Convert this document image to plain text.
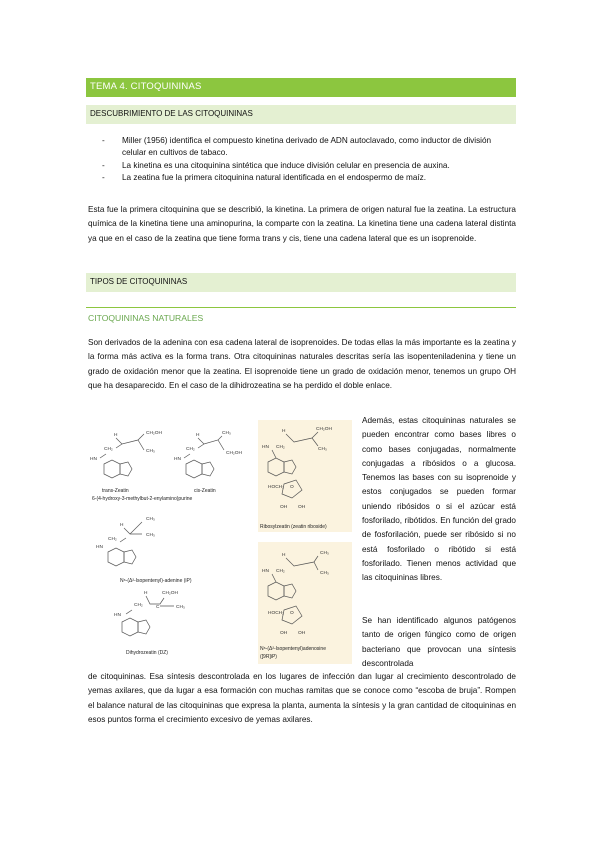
TEMA 4. CITOQUININAS
DESCUBRIMIENTO DE LAS CITOQUININAS
- Miller (1956) identifica el compuesto kinetina derivado de ADN autoclavado, como inductor de división celular en cultivos de tabaco.
- La kinetina es una citoquinina sintética que induce división celular en presencia de auxina.
- La zeatina fue la primera citoquinina natural identificada en el endospermo de maíz.

Esta fue la primera citoquinina que se describió, la kinetina. La primera de origen natural fue la zeatina. La estructura química de la kinetina tiene una aminopurina, la comparte con la zeatina. La kinetina tiene una cadena lateral distinta ya que en el caso de la zeatina que tiene forma trans y cis, tiene una cadena lateral que es un isoprenoide.

TIPOS DE CITOQUININAS
CITOQUININAS NATURALES

Son derivados de la adenina con esa cadena lateral de isoprenoides. De todas ellas la más importante es la zeatina y la forma más activa es la forma trans. Otra citoquininas naturales descritas sería las isopenteniladenina y tiene un grado de oxidación menor que la zeatina. El isoprenoide tiene un grado de oxidación menor, tenemos un grupo OH que ha desaparecido. En el caso de la dihidrozeatina se ha perdido el doble enlace.

H	CH₂OH
CH₂	CH₃
HN
trans-Zeatin
H	CH₃
CH₂
CH₂OH
HN
cis-Zeatin
6-(4-hydroxy-3-methylbut-2-enylamino)purine
H	CH₂OH
HN CH₂	CH₃
HOCH₂ O
OH OH
Ribosylzeatin (zeatin riboside)
CH₃
H
CH₃
CH₂
HN
N⁶-(Δ²-Isopentenyl)-adenine (iP)
H	CH₂OH
CH₂	C	CH₃
HN
Dihydrozeatin (DZ)
H	CH₃
HN CH₂	CH₃
HOCH₂ O
OH OH
N⁶-(Δ²-Isopentenyl)adenosine
([9R]iP)

Además, estas citoquininas naturales se pueden encontrar como bases libres o como bases conjugadas, normalmente conjugadas a ribósidos o a glucosa. Tenemos las bases con su isoprenoide y estos conjugados se pueden formar uniendo ribósidos o si el azúcar está fosforilado, ribótidos. En función del grado de fosforilación, puede ser ribósido si no está fosforilado o ribótido si está fosforilado. Tienen menos actividad que las citoquininas libres.

Se han identificado algunos patógenos tanto de origen fúngico como de origen bacteriano que provocan una síntesis descontrolada

de citoquininas. Esa síntesis descontrolada en los lugares de infección dan lugar al crecimiento descontrolado de yemas axilares, que da lugar a esa formación con muchas ramitas que se conoce como “escoba de bruja”. Rompen el balance natural de las citoquininas que expresa la planta, aumenta la síntesis y la gran cantidad de citoquininas en esos puntos forma el crecimiento excesivo de yemas axilares.
